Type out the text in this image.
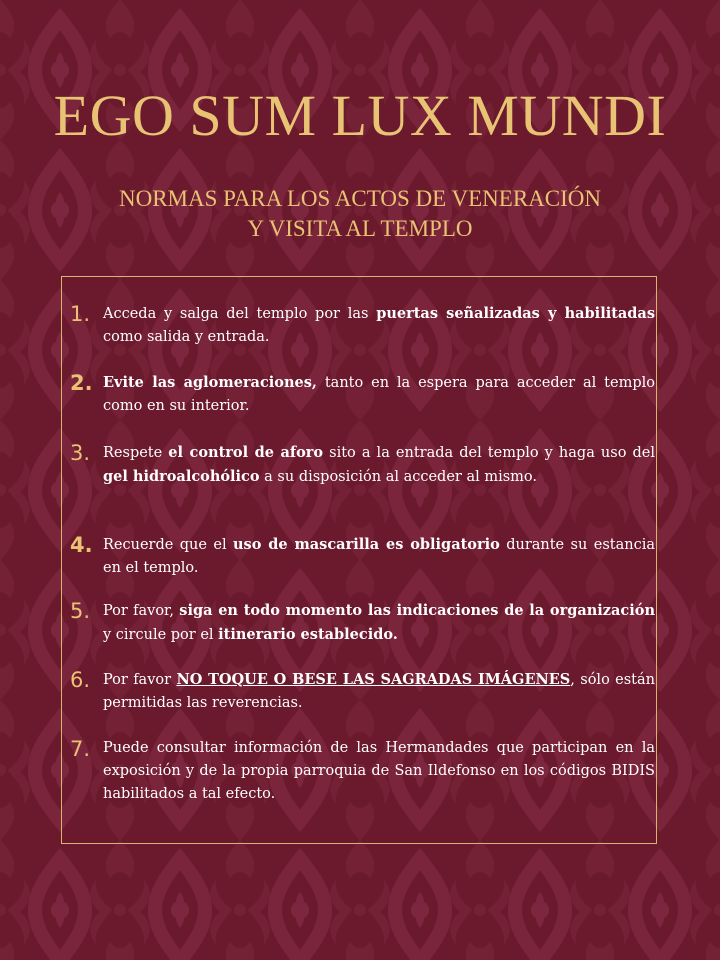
EGO SUM LUX MUNDI
NORMAS PARA LOS ACTOS DE VENERACIÓN
Y VISITA AL TEMPLO
1. Acceda y salga del templo por las puertas señalizadas y habilitadas como salida y entrada.
2. Evite las aglomeraciones, tanto en la espera para acceder al templo como en su interior.
3. Respete el control de aforo sito a la entrada del templo y haga uso del gel hidroalcohólico a su disposición al acceder al mismo.
4. Recuerde que el uso de mascarilla es obligatorio durante su estancia en el templo.
5. Por favor, siga en todo momento las indicaciones de la organización y circule por el itinerario establecido.
6. Por favor NO TOQUE O BESE LAS SAGRADAS IMÁGENES, sólo están permitidas las reverencias.
7. Puede consultar información de las Hermandades que participan en la exposición y de la propia parroquia de San Ildefonso en los códigos BIDIS habilitados a tal efecto.
